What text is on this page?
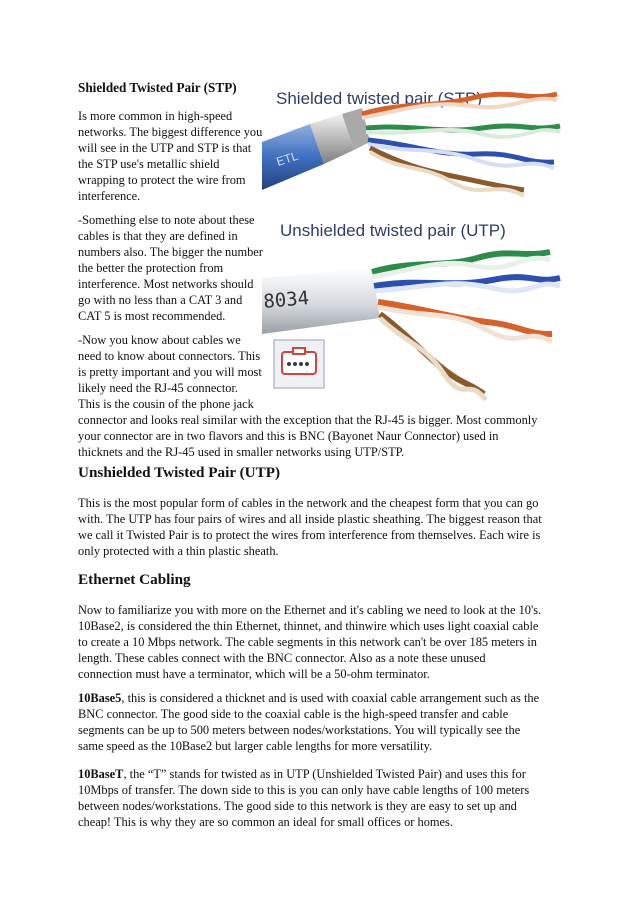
Shielded Twisted Pair (STP)

Is more common in high-speed
networks. The biggest difference you
will see in the UTP and STP is that
the STP use's metallic shield
wrapping to protect the wire from
interference.

-Something else to note about these
cables is that they are defined in
numbers also. The bigger the number
the better the protection from
interference. Most networks should
go with no less than a CAT 3 and
CAT 5 is most recommended.

-Now you know about cables we
need to know about connectors. This
is pretty important and you will most
likely need the RJ-45 connector.
This is the cousin of the phone jack

connector and looks real similar with the exception that the RJ-45 is bigger. Most commonly
your connector are in two flavors and this is BNC (Bayonet Naur Connector) used in
thicknets and the RJ-45 used in smaller networks using UTP/STP.

Shielded twisted pair (STP)
ETL
Unshielded twisted pair (UTP)
8034

Unshielded Twisted Pair (UTP)

This is the most popular form of cables in the network and the cheapest form that you can go
with. The UTP has four pairs of wires and all inside plastic sheathing. The biggest reason that
we call it Twisted Pair is to protect the wires from interference from themselves. Each wire is
only protected with a thin plastic sheath.

Ethernet Cabling

Now to familiarize you with more on the Ethernet and it's cabling we need to look at the 10's.
10Base2, is considered the thin Ethernet, thinnet, and thinwire which uses light coaxial cable
to create a 10 Mbps network. The cable segments in this network can't be over 185 meters in
length. These cables connect with the BNC connector. Also as a note these unused
connection must have a terminator, which will be a 50-ohm terminator.

10Base5, this is considered a thicknet and is used with coaxial cable arrangement such as the
BNC connector. The good side to the coaxial cable is the high-speed transfer and cable
segments can be up to 500 meters between nodes/workstations. You will typically see the
same speed as the 10Base2 but larger cable lengths for more versatility.

10BaseT, the “T” stands for twisted as in UTP (Unshielded Twisted Pair) and uses this for
10Mbps of transfer. The down side to this is you can only have cable lengths of 100 meters
between nodes/workstations. The good side to this network is they are easy to set up and
cheap! This is why they are so common an ideal for small offices or homes.
